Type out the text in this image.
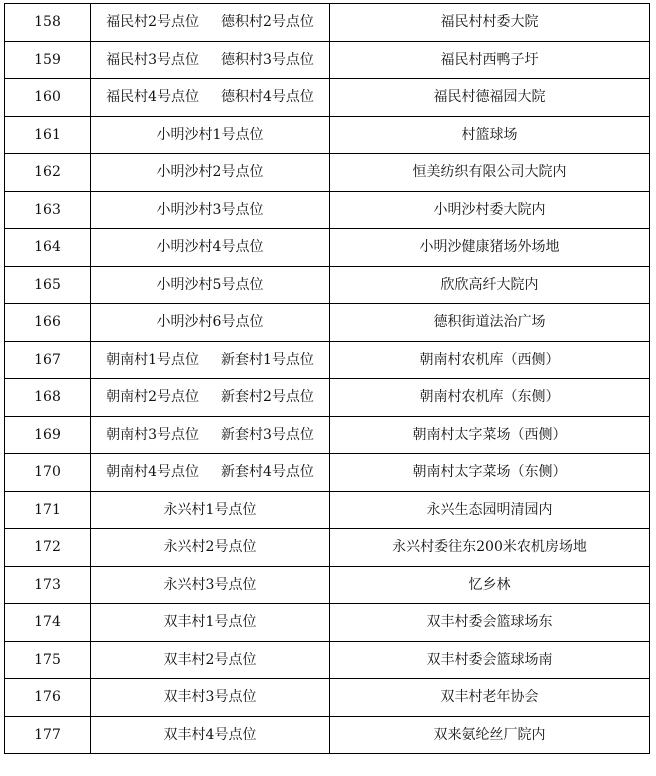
158	福民村2号点位 德积村2号点位	福民村村委大院
159	福民村3号点位 德积村3号点位	福民村西鸭子圩
160	福民村4号点位 德积村4号点位	福民村德福园大院
161	小明沙村1号点位	村篮球场
162	小明沙村2号点位	恒美纺织有限公司大院内
163	小明沙村3号点位	小明沙村委大院内
164	小明沙村4号点位	小明沙健康猪场外场地
165	小明沙村5号点位	欣欣高纤大院内
166	小明沙村6号点位	德积街道法治广场
167	朝南村1号点位 新套村1号点位	朝南村农机库（西侧）
168	朝南村2号点位 新套村2号点位	朝南村农机库（东侧）
169	朝南村3号点位 新套村3号点位	朝南村太字菜场（西侧）
170	朝南村4号点位 新套村4号点位	朝南村太字菜场（东侧）
171	永兴村1号点位	永兴生态园明清园内
172	永兴村2号点位	永兴村委往东200米农机房场地
173	永兴村3号点位	忆乡林
174	双丰村1号点位	双丰村委会篮球场东
175	双丰村2号点位	双丰村委会篮球场南
176	双丰村3号点位	双丰村老年协会
177	双丰村4号点位	双来氨纶丝厂院内
